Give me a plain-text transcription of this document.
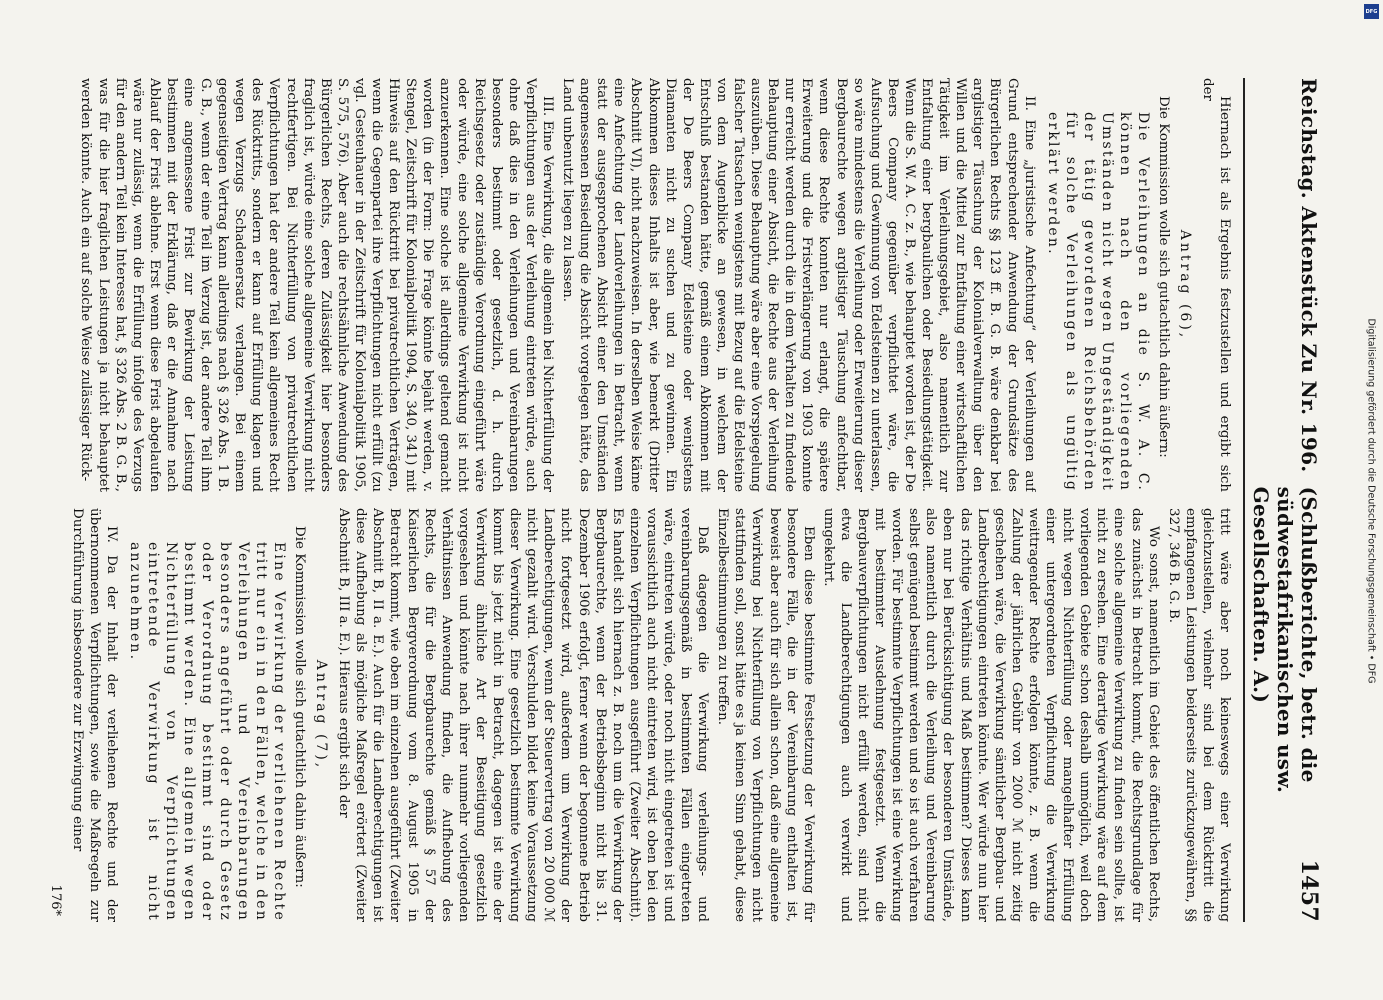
Reichstag. Aktenstück Zu Nr. 196.
(Schlußberichte, betr. die südwestafrikanischen usw. Gesellschaften. A.)
1457

Hiernach ist als Ergebnis festzustellen und ergibt sich der

Antrag (6),

Die Kommission wolle sich gutachtlich dahin äußern:

Die Verleihungen an die S. W. A. C. können nach den vorliegenden Umständen nicht wegen Ungeständigkeit der tätig gewordenen Reichsbehörden für solche Verleihungen als ungültig erklärt werden.

II. Eine „juristische Anfechtung“ der Verleihungen auf Grund entsprechender Anwendung der Grundsätze des Bürgerlichen Rechts §§ 123 ff. B. G. B. wäre denkbar bei arglistiger Täuschung der Kolonialverwaltung über den Willen und die Mittel zur Entfaltung einer wirtschaftlichen Tätigkeit im Verleihungsgebiet, also namentlich zur Entfaltung einer bergbaulichen oder Besiedlungstätigkeit. Wenn die S. W. A. C. z. B., wie behauptet worden ist, der De Beers Company gegenüber verpflichtet wäre, die Aufsuchung und Gewinnung von Edelsteinen zu unterlassen, so wäre mindestens die Verleihung oder Erweiterung dieser Bergbaurechte wegen arglistiger Täuschung anfechtbar, wenn diese Rechte konnten nur erlangt, die spätere Erweiterung und die Fristverlängerung von 1903 konnte nur erreicht werden durch die in dem Verhalten zu findende Behauptung einer Absicht, die Rechte aus der Verleihung auszuüben. Diese Behauptung wäre aber eine Vorspiegelung falscher Tatsachen wenigstens mit Bezug auf die Edelsteine von dem Augenblicke an gewesen, in welchem der Entschluß bestanden hätte, gemäß einem Abkommen mit der De Beers Company Edelsteine oder wenigstens Diamanten nicht zu suchen und zu gewinnen. Ein Abkommen dieses Inhalts ist aber, wie bemerkt (Dritter Abschnitt VI), nicht nachzuweisen. In derselben Weise käme eine Anfechtung der Landverleihungen in Betracht, wenn statt der ausgesprochenen Absicht einer den Umständen angemessenen Besiedlung die Absicht vorgelegen hätte, das Land unbenutzt liegen zu lassen.

III. Eine Verwirkung, die allgemein bei Nichterfüllung der Verpflichtungen aus der Verleihung eintreten würde, auch ohne daß dies in den Verleihungen und Vereinbarungen besonders bestimmt oder gesetzlich, d. h. durch Reichsgesetz oder zuständige Verordnung eingeführt wäre oder würde, eine solche allgemeine Verwirkung ist nicht anzuerkennen. Eine solche ist allerdings geltend gemacht worden (in der Form: Die Frage könnte bejaht werden, v. Stengel, Zeitschrift für Kolonialpolitik 1904, S. 340, 341) mit Hinweis auf den Rücktritt bei privatrechtlichen Verträgen, wenn die Gegenpartei ihre Verpflichtungen nicht erfüllt (zu vgl. Gesteuhauer in der Zeitschrift für Kolonialpolitik 1905, S. 575, 576). Aber auch die rechtsähnliche Anwendung des Bürgerlichen Rechts, deren Zulässigkeit hier besonders fraglich ist, würde eine solche allgemeine Verwirkung nicht rechtfertigen. Bei Nichterfüllung von privatrechtlichen Verpflichtungen hat der andere Teil kein allgemeines Recht des Rücktritts, sondern er kann auf Erfüllung klagen und wegen Verzugs Schadenersatz verlangen. Bei einem gegenseitigen Vertrag kann allerdings nach § 326 Abs. 1 B. G. B., wenn der eine Teil im Verzug ist, der andere Teil ihm eine angemessene Frist zur Bewirkung der Leistung bestimmen mit der Erklärung, daß er die Annahme nach Ablauf der Frist ablehne. Erst wenn diese Frist abgelaufen wäre nur zulässig, wenn die Erfüllung infolge des Verzugs für den andern Teil kein Interesse hat, § 326 Abs. 2 B. G. B., was für die hier fraglichen Leistungen ja nicht behauptet werden könnte. Auch ein auf solche Weise zulässiger Rück-

tritt wäre aber noch keineswegs einer Verwirkung gleichzustellen, vielmehr sind bei dem Rücktritt die empfangenen Leistungen beiderseits zurückzugewähren, §§ 327, 346 B. G. B.

Wo sonst, namentlich im Gebiet des öffentlichen Rechts, das zunächst in Betracht kommt, die Rechtsgrundlage für eine solche allgemeine Verwirkung zu finden sein sollte, ist nicht zu ersehen. Eine derartige Verwirkung wäre auf dem vorliegenden Gebiete schon deshalb unmöglich, weil doch nicht wegen Nichterfüllung oder mangelhafter Erfüllung einer untergeordneten Verpflichtung die Verwirkung weittragender Rechte erfolgen könnte, z. B. wenn die Zahlung der jährlichen Gebühr von 2000 ℳ nicht zeitig geschehen wäre, die Verwirkung sämtlicher Bergbau- und Landberechtigungen eintreten könnte. Wer würde nun hier das richtige Verhältnis und Maß bestimmen? Dieses kann eben nur bei Berücksichtigung der besonderen Umstände, also namentlich durch die Verleihung und Vereinbarung selbst genügend bestimmt werden und so ist auch verfahren worden. Für bestimmte Verpflichtungen ist eine Verwirkung mit bestimmter Ausdehnung festgesetzt. Wenn die Bergbauverpflichtungen nicht erfüllt werden, sind nicht etwa die Landberechtigungen auch verwirkt und umgekehrt.

Eben diese bestimmte Festsetzung der Verwirkung für besondere Fälle, die in der Vereinbarung enthalten ist, beweist aber auch für sich allein schon, daß eine allgemeine Verwirkung bei Nichterfüllung von Verpflichtungen nicht stattfinden soll, sonst hätte es ja keinen Sinn gehabt, diese Einzelbestimmungen zu treffen.

Daß dagegen die Verwirkung verleihungs- und vereinbarungsgemäß in bestimmten Fällen eingetreten wäre, eintreten würde, oder noch nicht eingetreten ist und voraussichtlich auch nicht eintreten wird, ist oben bei den einzelnen Verpflichtungen ausgeführt (Zweiter Abschnitt). Es handelt sich hiernach z. B. noch um die Verwirkung der Bergbaurechte, wenn der Betriebsbeginn nicht bis 31. Dezember 1906 erfolgt, ferner wenn der begonnene Betrieb nicht fortgesetzt wird, außerdem um Verwirkung der Landberechtigungen, wenn der Steuervertrag von 20 000 ℳ nicht gezahlt wird. Verschulden bildet keine Voraussetzung dieser Verwirkung. Eine gesetzlich bestimmte Verwirkung kommt bis jetzt nicht in Betracht, dagegen ist eine der Verwirkung ähnliche Art der Beseitigung gesetzlich vorgesehen und könnte nach ihrer nunmehr vorliegenden Verhältnissen Anwendung finden, die Aufhebung des Rechts, die für die Bergbaurechte gemäß § 57 der Kaiserlichen Bergverordnung vom 8. August 1905 in Betracht kommt, wie oben im einzelnen ausgeführt (Zweiter Abschnitt B, II a. E.). Auch für die Landberechtigungen ist diese Aufhebung als mögliche Maßregel erörtert (Zweiter Abschnitt B, III a. E.). Hieraus ergibt sich der

Antrag (7),

Die Kommission wolle sich gutachtlich dahin äußern:

Eine Verwirkung der verliehenen Rechte tritt nur ein in den Fällen, welche in den Verleihungen und Vereinbarungen besonders angeführt oder durch Gesetz oder Verordnung bestimmt sind oder bestimmt werden. Eine allgemein wegen Nichterfüllung von Verpflichtungen eintretende Verwirkung ist nicht anzunehmen.

IV. Da der Inhalt der verliehenen Rechte und der übernommenen Verpflichtungen, sowie die Maßregeln zur Durchführung insbesondere zur Erzwingung einer

176*
DFG
Digitalisierung gefördert durch die Deutsche Forschungsgemeinschaft • DFG
